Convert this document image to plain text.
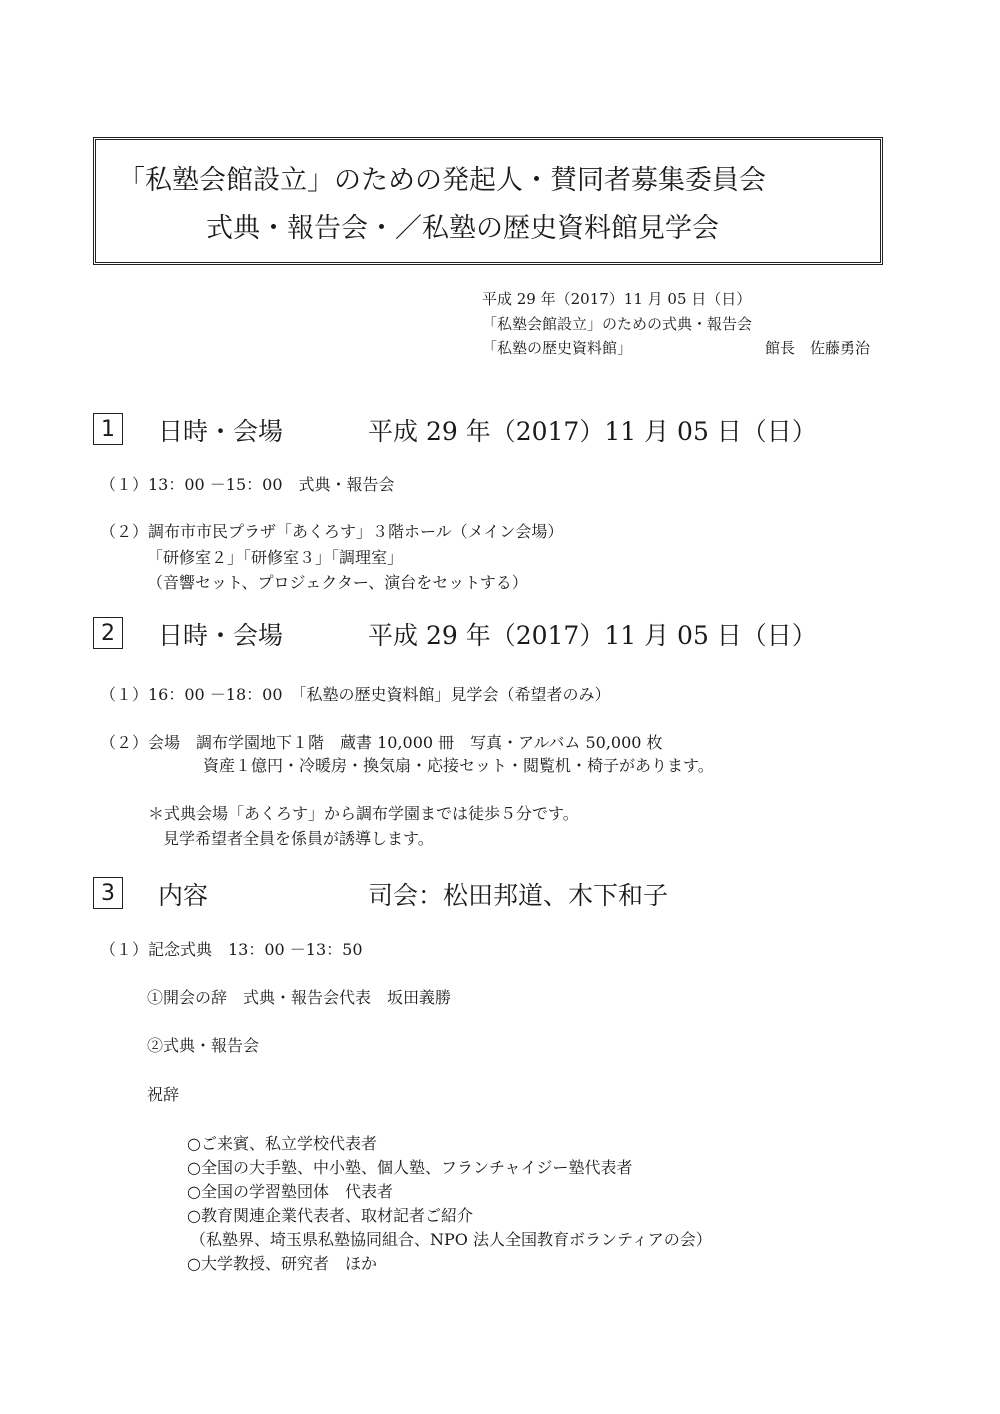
「私塾会館設立」のための発起人・賛同者募集委員会
式典・報告会・／私塾の歴史資料館見学会
平成 29 年（2017）11 月 05 日（日）
「私塾会館設立」のための式典・報告会
「私塾の歴史資料館」	館長　佐藤勇治
1	日時・会場	平成 29 年（2017）11 月 05 日（日）
（１）13：00 －15：00　式典・報告会
（２）調布市市民プラザ「あくろす」３階ホール（メイン会場）
「研修室２」「研修室３」「調理室」
（音響セット、プロジェクター、演台をセットする）
2	日時・会場	平成 29 年（2017）11 月 05 日（日）
（１）16：00 －18：00　「私塾の歴史資料館」見学会（希望者のみ）
（２）会場　調布学園地下１階　蔵書 10,000 冊　写真・アルバム 50,000 枚
資産１億円・冷暖房・換気扇・応接セット・閲覧机・椅子があります。
＊式典会場「あくろす」から調布学園までは徒歩５分です。
見学希望者全員を係員が誘導します。
3	内容	司会：松田邦道、木下和子
（１）記念式典　13：00 －13：50
①開会の辞　式典・報告会代表　坂田義勝
②式典・報告会
祝辞
○ご来賓、私立学校代表者
○全国の大手塾、中小塾、個人塾、フランチャイジー塾代表者
○全国の学習塾団体　代表者
○教育関連企業代表者、取材記者ご紹介
（私塾界、埼玉県私塾協同組合、NPO 法人全国教育ボランティアの会）
○大学教授、研究者　ほか
